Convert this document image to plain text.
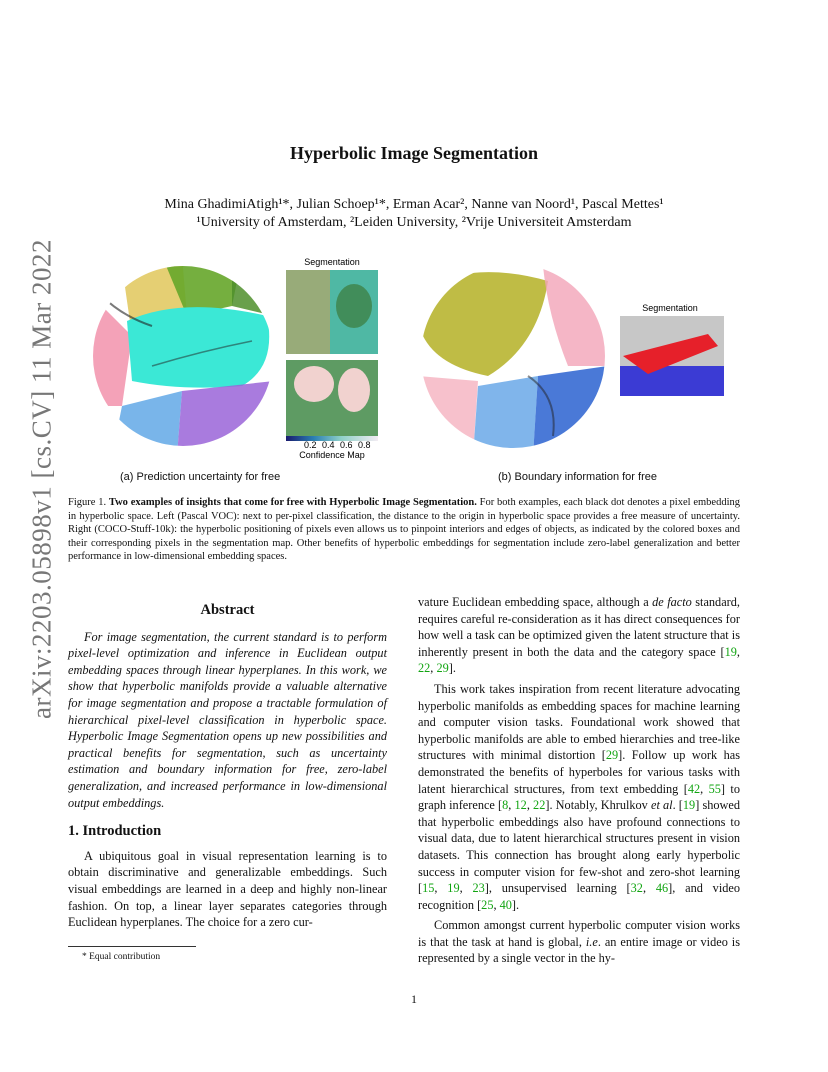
Hyperbolic Image Segmentation
Mina GhadimiAtigh¹*, Julian Schoep¹*, Erman Acar², Nanne van Noord¹, Pascal Mettes¹
¹University of Amsterdam, ²Leiden University, ²Vrije Universiteit Amsterdam
arXiv:2203.05898v1 [cs.CV] 11 Mar 2022	Segmentation
0.2 0.4 0.6 0.8
Confidence Map
Segmentation
(a) Prediction uncertainty for free	(b) Boundary information for free
Figure 1. Two examples of insights that come for free with Hyperbolic Image Segmentation. For both examples, each black dot denotes a pixel embedding in hyperbolic space. Left (Pascal VOC): next to per-pixel classification, the distance to the origin in hyperbolic space provides a free measure of uncertainty. Right (COCO-Stuff-10k): the hyperbolic positioning of pixels even allows us to pinpoint interiors and edges of objects, as indicated by the colored boxes and their corresponding pixels in the segmentation map. Other benefits of hyperbolic embeddings for segmentation include zero-label generalization and better performance in low-dimensional embedding spaces.
Abstract

For image segmentation, the current standard is to perform pixel-level optimization and inference in Euclidean output embedding spaces through linear hyperplanes. In this work, we show that hyperbolic manifolds provide a valuable alternative for image segmentation and propose a tractable formulation of hierarchical pixel-level classification in hyperbolic space. Hyperbolic Image Segmentation opens up new possibilities and practical benefits for segmentation, such as uncertainty estimation and boundary information for free, zero-label generalization, and increased performance in low-dimensional output embeddings.

1. Introduction

A ubiquitous goal in visual representation learning is to obtain discriminative and generalizable embeddings. Such visual embeddings are learned in a deep and highly non-linear fashion. On top, a linear layer separates categories through Euclidean hyperplanes. The choice for a zero cur-

* Equal contribution

vature Euclidean embedding space, although a de facto standard, requires careful re-consideration as it has direct consequences for how well a task can be optimized given the latent structure that is inherently present in both the data and the category space [19, 22, 29].

This work takes inspiration from recent literature advocating hyperbolic manifolds as embedding spaces for machine learning and computer vision tasks. Foundational work showed that hyperbolic manifolds are able to embed hierarchies and tree-like structures with minimal distortion [29]. Follow up work has demonstrated the benefits of hyperboles for various tasks with latent hierarchical structures, from text embedding [42, 55] to graph inference [8, 12, 22]. Notably, Khrulkov et al. [19] showed that hyperbolic embeddings also have profound connections to visual data, due to latent hierarchical structures present in vision datasets. This connection has brought along early hyperbolic success in computer vision for few-shot and zero-shot learning [15, 19, 23], unsupervised learning [32, 46], and video recognition [25, 40].

Common amongst current hyperbolic computer vision works is that the task at hand is global, i.e. an entire image or video is represented by a single vector in the hy-

1
